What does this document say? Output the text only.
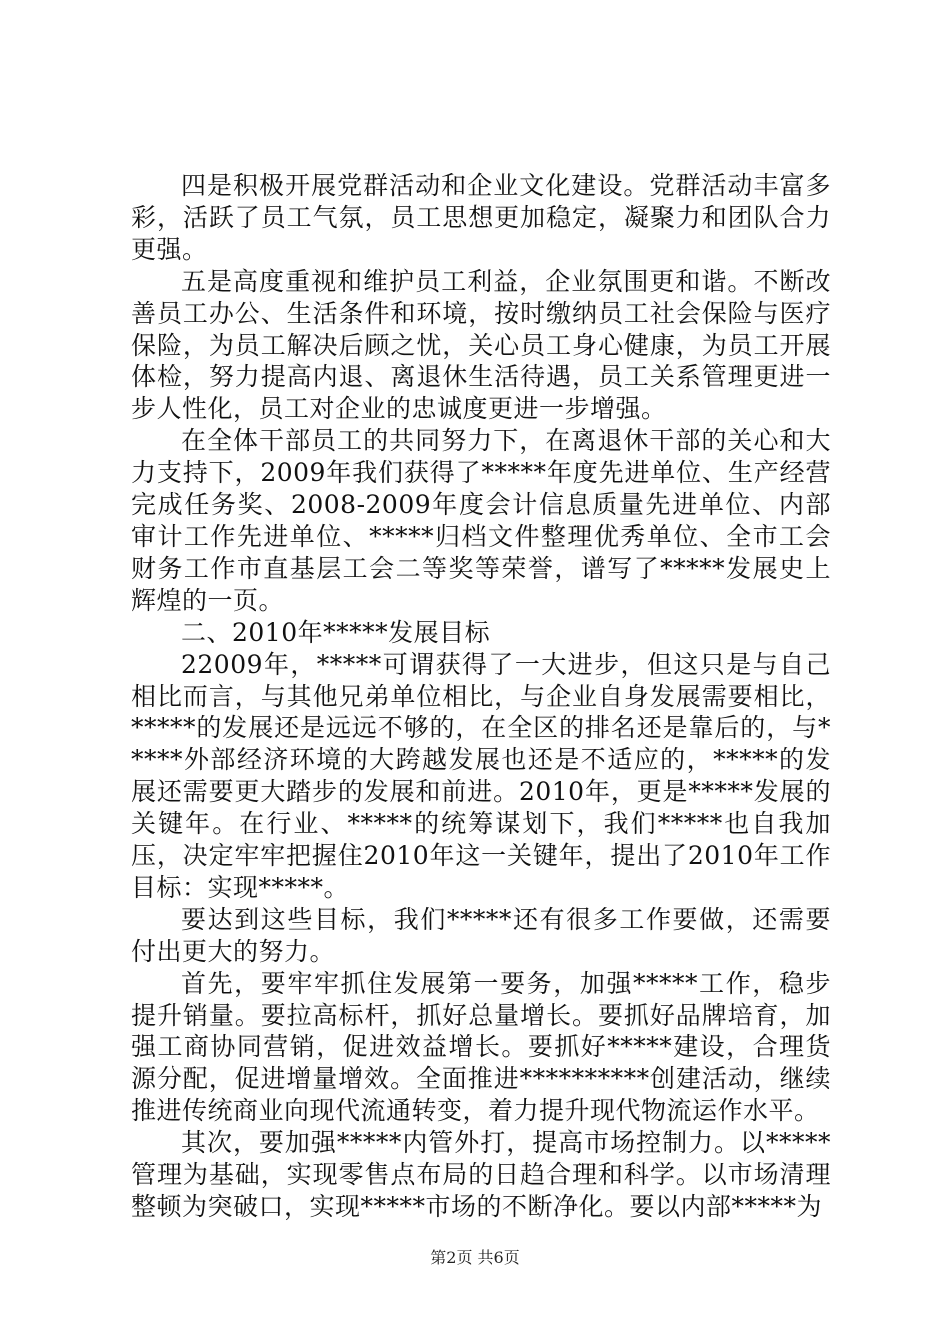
四是积极开展党群活动和企业文化建设。党群活动丰富多彩，活跃了员工气氛，员工思想更加稳定，凝聚力和团队合力更强。

五是高度重视和维护员工利益，企业氛围更和谐。不断改善员工办公、生活条件和环境，按时缴纳员工社会保险与医疗保险，为员工解决后顾之忧，关心员工身心健康，为员工开展体检，努力提高内退、离退休生活待遇，员工关系管理更进一步人性化，员工对企业的忠诚度更进一步增强。

在全体干部员工的共同努力下，在离退休干部的关心和大力支持下，2009年我们获得了*****年度先进单位、生产经营完成任务奖、2008-2009年度会计信息质量先进单位、内部审计工作先进单位、*****归档文件整理优秀单位、全市工会财务工作市直基层工会二等奖等荣誉，谱写了*****发展史上辉煌的一页。

二、2010年*****发展目标

22009年，*****可谓获得了一大进步，但这只是与自己相比而言，与其他兄弟单位相比，与企业自身发展需要相比，*****的发展还是远远不够的，在全区的排名还是靠后的，与*****外部经济环境的大跨越发展也还是不适应的，*****的发展还需要更大踏步的发展和前进。2010年，更是*****发展的关键年。在行业、*****的统筹谋划下，我们*****也自我加压，决定牢牢把握住2010年这一关键年，提出了2010年工作目标：实现*****。

要达到这些目标，我们*****还有很多工作要做，还需要付出更大的努力。

首先，要牢牢抓住发展第一要务，加强*****工作，稳步提升销量。要拉高标杆，抓好总量增长。要抓好品牌培育，加强工商协同营销，促进效益增长。要抓好*****建设，合理货源分配，促进增量增效。全面推进**********创建活动，继续推进传统商业向现代流通转变，着力提升现代物流运作水平。

其次，要加强*****内管外打，提高市场控制力。以*****管理为基础，实现零售点布局的日趋合理和科学。以市场清理整顿为突破口，实现*****市场的不断净化。要以内部*****为

第2页 共6页
